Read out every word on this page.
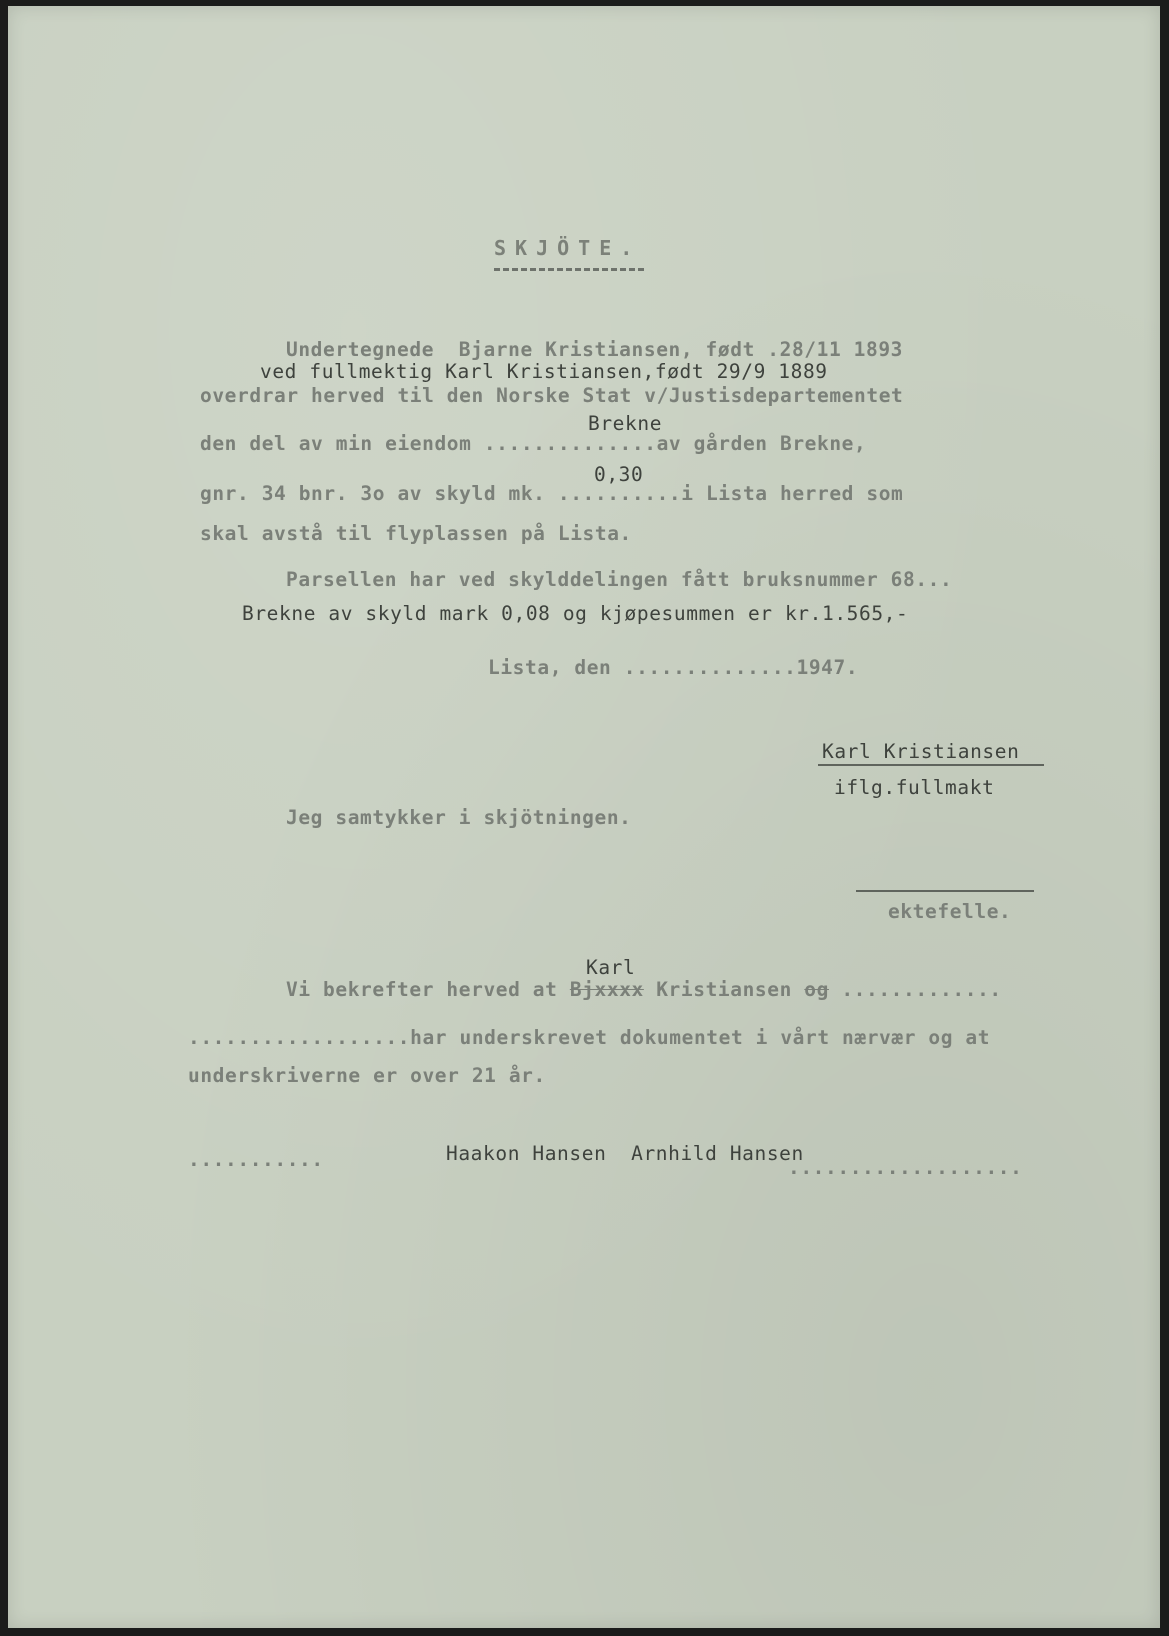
SKJÖTE.
Undertegnede  Bjarne Kristiansen, født .28/11 1893
ved fullmektig Karl Kristiansen,født 29/9 1889
overdrar herved til den Norske Stat v/Justisdepartementet
Brekne
den del av min eiendom ..............av gården Brekne,
0,30
gnr. 34 bnr. 3o av skyld mk. ..........i Lista herred som
skal avstå til flyplassen på Lista.
Parsellen har ved skylddelingen fått bruksnummer 68...
Brekne av skyld mark 0,08 og kjøpesummen er kr.1.565,-
Lista, den ..............1947.
Karl Kristiansen
iflg.fullmakt
Jeg samtykker i skjötningen.
ektefelle.
Karl
Vi bekrefter herved at Bjxxxx Kristiansen og .............
..................har underskrevet dokumentet i vårt nærvær og at
underskriverne er over 21 år.
...........	Haakon Hansen  Arnhild Hansen
...................
